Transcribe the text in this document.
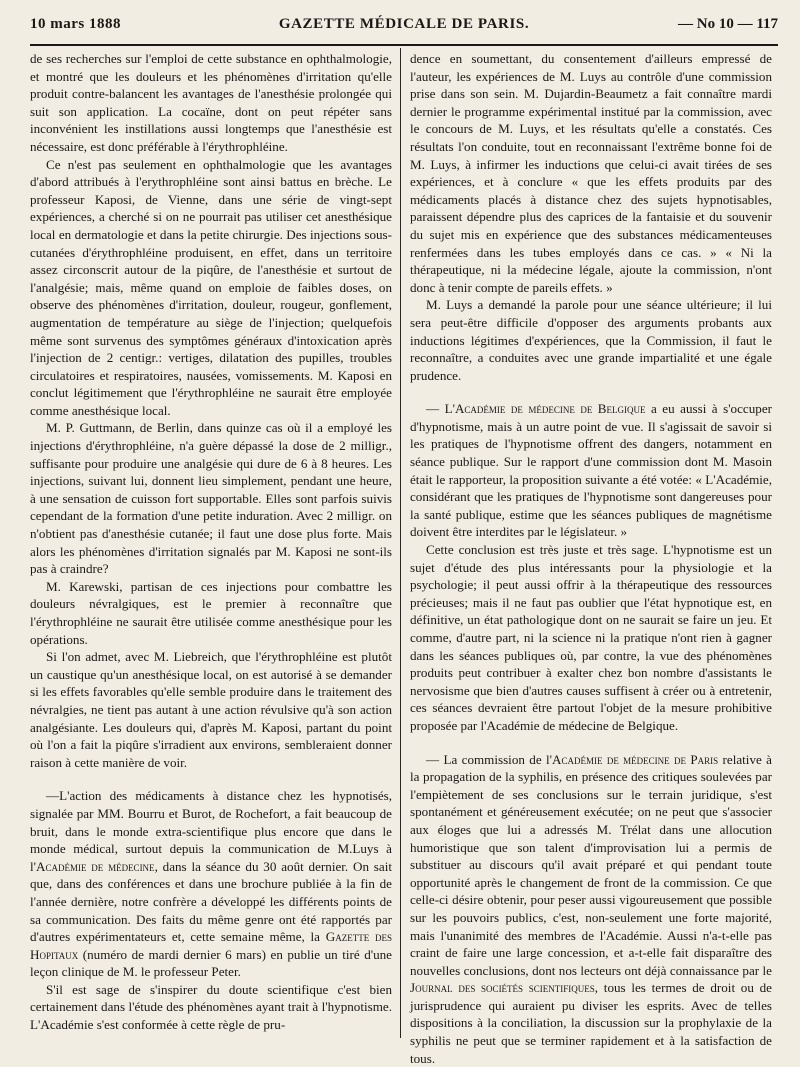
10 mars 1888	GAZETTE MÉDICALE DE PARIS.	— No 10 — 117

de ses recherches sur l'emploi de cette substance en ophthalmologie, et montré que les douleurs et les phénomènes d'irritation qu'elle produit contre-balancent les avantages de l'anesthésie prolongée qui suit son application. La cocaïne, dont on peut répéter sans inconvénient les instillations aussi longtemps que l'anesthésie est nécessaire, est donc préférable à l'érythrophléine.

Ce n'est pas seulement en ophthalmologie que les avantages d'abord attribués à l'erythrophléine sont ainsi battus en brèche. Le professeur Kaposi, de Vienne, dans une série de vingt-sept expériences, a cherché si on ne pourrait pas utiliser cet anesthésique local en dermatologie et dans la petite chirurgie. Des injections sous-cutanées d'érythrophléine produisent, en effet, dans un territoire assez circonscrit autour de la piqûre, de l'anesthésie et surtout de l'analgésie; mais, même quand on emploie de faibles doses, on observe des phénomènes d'irritation, douleur, rougeur, gonflement, augmentation de température au siège de l'injection; quelquefois même sont survenus des symptômes généraux d'intoxication après l'injection de 2 centigr.: vertiges, dilatation des pupilles, troubles circulatoires et respiratoires, nausées, vomissements. M. Kaposi en conclut légitimement que l'érythrophléine ne saurait être employée comme anesthésique local.

M. P. Guttmann, de Berlin, dans quinze cas où il a employé les injections d'érythrophléine, n'a guère dépassé la dose de 2 milligr., suffisante pour produire une analgésie qui dure de 6 à 8 heures. Les injections, suivant lui, donnent lieu simplement, pendant une heure, à une sensation de cuisson fort supportable. Elles sont parfois suivis cependant de la formation d'une petite induration. Avec 2 milligr. on n'obtient pas d'anesthésie cutanée; il faut une dose plus forte. Mais alors les phénomènes d'irritation signalés par M. Kaposi ne sont-ils pas à craindre?

M. Karewski, partisan de ces injections pour combattre les douleurs névralgiques, est le premier à reconnaître que l'érythrophléine ne saurait être utilisée comme anesthésique pour les opérations.

Si l'on admet, avec M. Liebreich, que l'érythrophléine est plutôt un caustique qu'un anesthésique local, on est autorisé à se demander si les effets favorables qu'elle semble produire dans le traitement des névralgies, ne tient pas autant à une action révulsive qu'à son action analgésiante. Les douleurs qui, d'après M. Kaposi, partant du point où l'on a fait la piqûre s'irradient aux environs, sembleraient donner raison à cette manière de voir.

—L'action des médicaments à distance chez les hypnotisés, signalée par MM. Bourru et Burot, de Rochefort, a fait beaucoup de bruit, dans le monde extra-scientifique plus encore que dans le monde médical, surtout depuis la communication de M.Luys à l'Académie de médecine, dans la séance du 30 août dernier. On sait que, dans des conférences et dans une brochure publiée à la fin de l'année dernière, notre confrère a développé les différents points de sa communication. Des faits du même genre ont été rapportés par d'autres expérimentateurs et, cette semaine même, la Gazette des Hopitaux (numéro de mardi dernier 6 mars) en publie un tiré d'une leçon clinique de M. le professeur Peter.

S'il est sage de s'inspirer du doute scientifique c'est bien certainement dans l'étude des phénomènes ayant trait à l'hypnotisme. L'Académie s'est conformée à cette règle de pru-

dence en soumettant, du consentement d'ailleurs empressé de l'auteur, les expériences de M. Luys au contrôle d'une commission prise dans son sein. M. Dujardin-Beaumetz a fait connaître mardi dernier le programme expérimental institué par la commission, avec le concours de M. Luys, et les résultats qu'elle a constatés. Ces résultats l'on conduite, tout en reconnaissant l'extrême bonne foi de M. Luys, à infirmer les inductions que celui-ci avait tirées de ses expériences, et à conclure « que les effets produits par des médicaments placés à distance chez des sujets hypnotisables, paraissent dépendre plus des caprices de la fantaisie et du souvenir du sujet mis en expérience que des substances médicamenteuses renfermées dans les tubes employés dans ce cas. » « Ni la thérapeutique, ni la médecine légale, ajoute la commission, n'ont donc à tenir compte de pareils effets. »

M. Luys a demandé la parole pour une séance ultérieure; il lui sera peut-être difficile d'opposer des arguments probants aux inductions légitimes d'expériences, que la Commission, il faut le reconnaître, a conduites avec une grande impartialité et une égale prudence.

— L'Académie de médecine de Belgique a eu aussi à s'occuper d'hypnotisme, mais à un autre point de vue. Il s'agissait de savoir si les pratiques de l'hypnotisme offrent des dangers, notamment en séance publique. Sur le rapport d'une commission dont M. Masoin était le rapporteur, la proposition suivante a été votée: « L'Académie, considérant que les pratiques de l'hypnotisme sont dangereuses pour la santé publique, estime que les séances publiques de magnétisme doivent être interdites par le législateur. »

Cette conclusion est très juste et très sage. L'hypnotisme est un sujet d'étude des plus intéressants pour la physiologie et la psychologie; il peut aussi offrir à la thérapeutique des ressources précieuses; mais il ne faut pas oublier que l'état hypnotique est, en définitive, un état pathologique dont on ne saurait se faire un jeu. Et comme, d'autre part, ni la science ni la pratique n'ont rien à gagner dans les séances publiques où, par contre, la vue des phénomènes produits peut contribuer à exalter chez bon nombre d'assistants le nervosisme que bien d'autres causes suffisent à créer ou à entretenir, ces séances devraient être partout l'objet de la mesure prohibitive proposée par l'Académie de médecine de Belgique.

— La commission de l'Académie de médecine de Paris relative à la propagation de la syphilis, en présence des critiques soulevées par l'empiètement de ses conclusions sur le terrain juridique, s'est spontanément et généreusement exécutée; on ne peut que s'associer aux éloges que lui a adressés M. Trélat dans une allocution humoristique que son talent d'improvisation lui a permis de substituer au discours qu'il avait préparé et qui pendant toute opportunité après le changement de front de la commission. Ce que celle-ci désire obtenir, pour peser aussi vigoureusement que possible sur les pouvoirs publics, c'est, non-seulement une forte majorité, mais l'unanimité des membres de l'Académie. Aussi n'a-t-elle pas craint de faire une large concession, et a-t-elle fait disparaître des nouvelles conclusions, dont nos lecteurs ont déjà connaissance par le Journal des sociétés scientifiques, tous les termes de droit ou de jurisprudence qui auraient pu diviser les esprits. Avec de telles dispositions à la conciliation, la discussion sur la prophylaxie de la syphilis ne peut que se terminer rapidement et à la satisfaction de tous.
